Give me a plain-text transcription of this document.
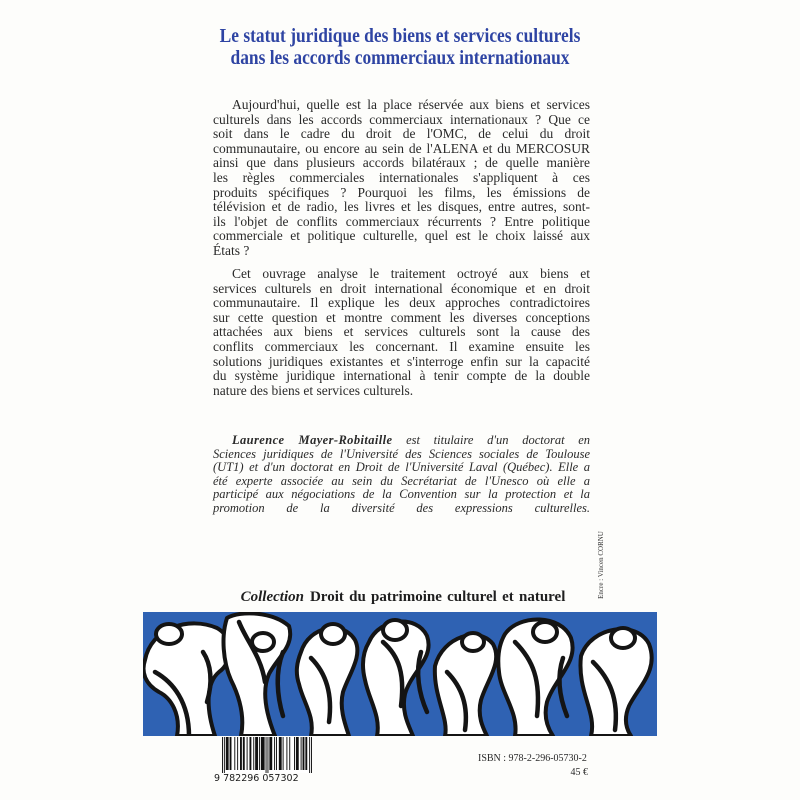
Le statut juridique des biens et services culturels
dans les accords commerciaux internationaux
Aujourd'hui, quelle est la place réservée aux biens et services
culturels dans les accords commerciaux internationaux ? Que ce
soit dans le cadre du droit de l'OMC, de celui du droit
communautaire, ou encore au sein de l'ALENA et du MERCOSUR
ainsi que dans plusieurs accords bilatéraux ; de quelle manière
les règles commerciales internationales s'appliquent à ces
produits spécifiques ? Pourquoi les films, les émissions de
télévision et de radio, les livres et les disques, entre autres, sont-
ils l'objet de conflits commerciaux récurrents ? Entre politique
commerciale et politique culturelle, quel est le choix laissé aux
États ?
Cet ouvrage analyse le traitement octroyé aux biens et
services culturels en droit international économique et en droit
communautaire. Il explique les deux approches contradictoires
sur cette question et montre comment les diverses conceptions
attachées aux biens et services culturels sont la cause des
conflits commerciaux les concernant. Il examine ensuite les
solutions juridiques existantes et s'interroge enfin sur la capacité
du système juridique international à tenir compte de la double
nature des biens et services culturels.
Laurence Mayer-Robitaille est titulaire d'un doctorat en
Sciences juridiques de l'Université des Sciences sociales de Toulouse
(UT1) et d'un doctorat en Droit de l'Université Laval (Québec). Elle a
été experte associée au sein du Secrétariat de l'Unesco où elle a
participé aux négociations de la Convention sur la protection et la
promotion de la diversité des expressions culturelles.
Encre : Vincen CORNU
Collection Droit du patrimoine culturel et naturel
9 782296 057302
ISBN : 978-2-296-05730-2
45 €
